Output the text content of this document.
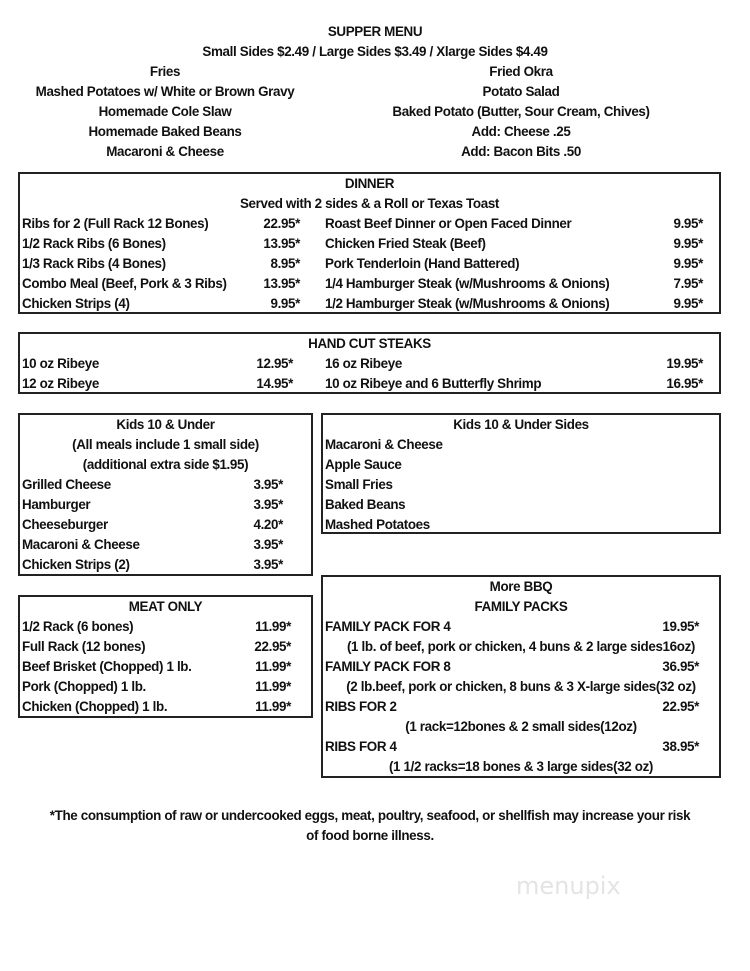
SUPPER MENU
Small Sides $2.49 / Large Sides $3.49 / Xlarge Sides $4.49
Fries
Mashed Potatoes w/ White or Brown Gravy
Homemade Cole Slaw
Homemade Baked Beans
Macaroni & Cheese
Fried Okra
Potato Salad
Baked Potato (Butter, Sour Cream, Chives)
Add: Cheese .25
Add: Bacon Bits .50
DINNER
Served with 2 sides & a Roll or Texas Toast
Ribs for 2 (Full Rack 12 Bones)	22.95*
1/2 Rack Ribs (6 Bones)	13.95*
1/3 Rack Ribs (4 Bones)	8.95*
Combo Meal (Beef, Pork & 3 Ribs)	13.95*
Chicken Strips (4)	9.95*
Roast Beef Dinner or Open Faced Dinner	9.95*
Chicken Fried Steak (Beef)	9.95*
Pork Tenderloin (Hand Battered)	9.95*
1/4 Hamburger Steak (w/Mushrooms & Onions)	7.95*
1/2 Hamburger Steak (w/Mushrooms & Onions)	9.95*
HAND CUT STEAKS
10 oz Ribeye	12.95*
12 oz Ribeye	14.95*
16 oz Ribeye	19.95*
10 oz Ribeye and 6 Butterfly Shrimp	16.95*
Kids 10 & Under
(All meals include 1 small side)
(additional extra side $1.95)
Grilled Cheese	3.95*
Hamburger	3.95*
Cheeseburger	4.20*
Macaroni & Cheese	3.95*
Chicken Strips (2)	3.95*
Kids 10 & Under Sides
Macaroni & Cheese
Apple Sauce
Small Fries
Baked Beans
Mashed Potatoes
MEAT ONLY
1/2 Rack (6 bones)	11.99*
Full Rack (12 bones)	22.95*
Beef Brisket (Chopped) 1 lb.	11.99*
Pork (Chopped) 1 lb.	11.99*
Chicken (Chopped) 1 lb.	11.99*
More BBQ
FAMILY PACKS
FAMILY PACK FOR 4	19.95*
(1 lb. of beef, pork or chicken, 4 buns & 2 large sides16oz)
FAMILY PACK FOR 8	36.95*
(2 lb.beef, pork or chicken, 8 buns & 3 X-large sides(32 oz)
RIBS FOR 2	22.95*
(1 rack=12bones & 2 small sides(12oz)
RIBS FOR 4	38.95*
(1 1/2 racks=18 bones & 3 large sides(32 oz)
*The consumption of raw or undercooked eggs, meat, poultry, seafood, or shellfish may increase your risk
of food borne illness.
menupix
